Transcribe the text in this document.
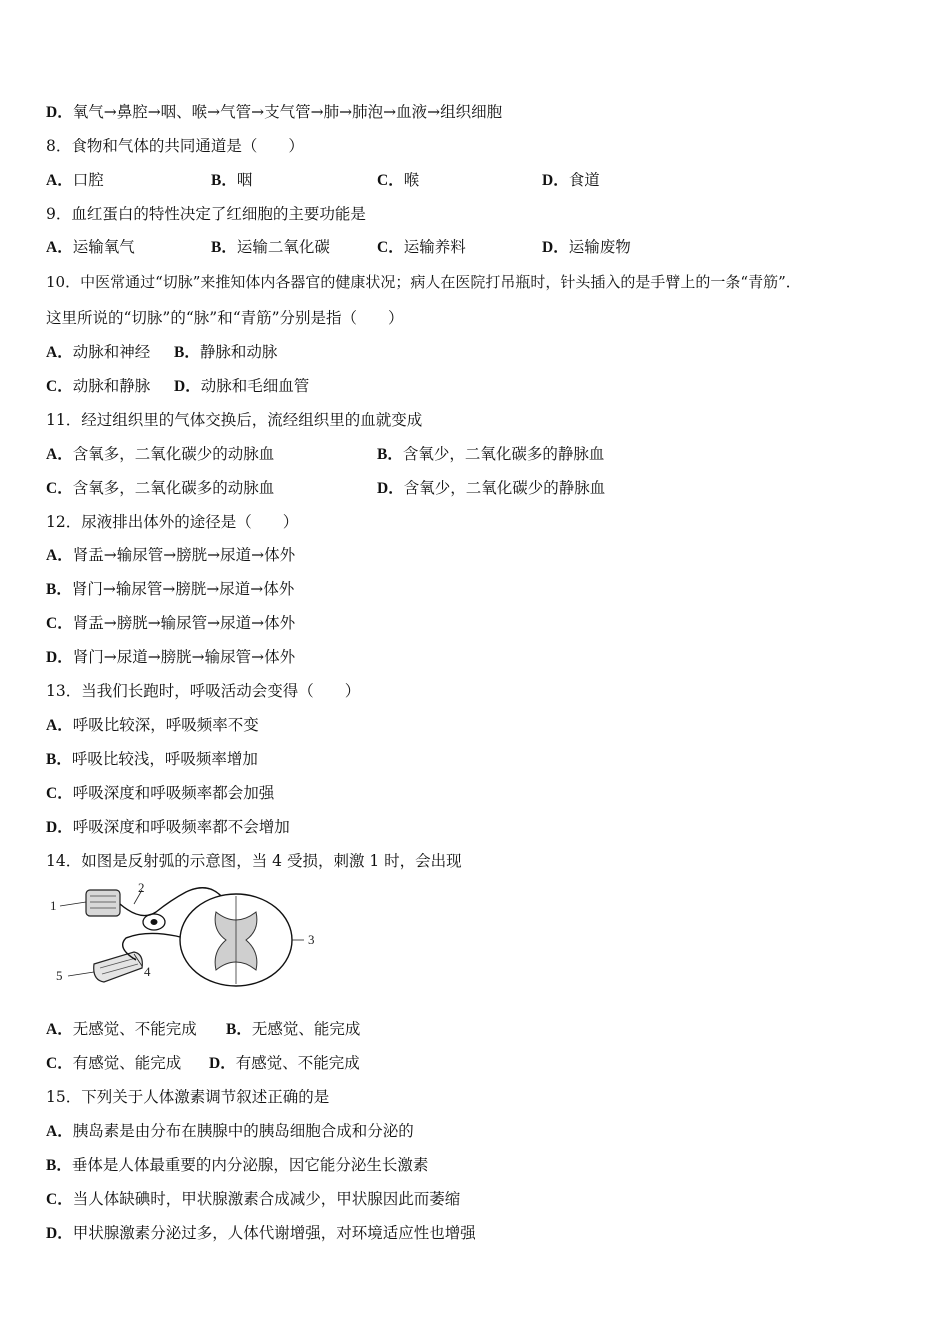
D．氧气→鼻腔→咽、喉→气管→支气管→肺→肺泡→血液→组织细胞
8．食物和气体的共同通道是（　　）
A．口腔	B．咽	C．喉	D．食道
9．血红蛋白的特性决定了红细胞的主要功能是
A．运输氧气	B．运输二氧化碳	C．运输养料	D．运输废物
10．中医常通过“切脉”来推知体内各器官的健康状况；病人在医院打吊瓶时，针头插入的是手臂上的一条“青筋”．
这里所说的“切脉”的“脉”和“青筋”分别是指（　　）
A．动脉和神经 B．静脉和动脉
C．动脉和静脉 D．动脉和毛细血管
11．经过组织里的气体交换后，流经组织里的血就变成
A．含氧多，二氧化碳少的动脉血	B．含氧少，二氧化碳多的静脉血
C．含氧多，二氧化碳多的动脉血	D．含氧少，二氧化碳少的静脉血
12．尿液排出体外的途径是（　　）
A．肾盂→输尿管→膀胱→尿道→体外
B．肾门→输尿管→膀胱→尿道→体外
C．肾盂→膀胱→输尿管→尿道→体外
D．肾门→尿道→膀胱→输尿管→体外
13．当我们长跑时，呼吸活动会变得（　　）
A．呼吸比较深，呼吸频率不变
B．呼吸比较浅，呼吸频率增加
C．呼吸深度和呼吸频率都会加强
D．呼吸深度和呼吸频率都不会增加
14．如图是反射弧的示意图，当 4 受损，刺激 1 时，会出现
1
2
3
4
5
A．无感觉、不能完成 B．无感觉、能完成
C．有感觉、能完成 D．有感觉、不能完成
15．下列关于人体激素调节叙述正确的是
A．胰岛素是由分布在胰腺中的胰岛细胞合成和分泌的
B．垂体是人体最重要的内分泌腺，因它能分泌生长激素
C．当人体缺碘时，甲状腺激素合成减少，甲状腺因此而萎缩
D．甲状腺激素分泌过多，人体代谢增强，对环境适应性也增强
